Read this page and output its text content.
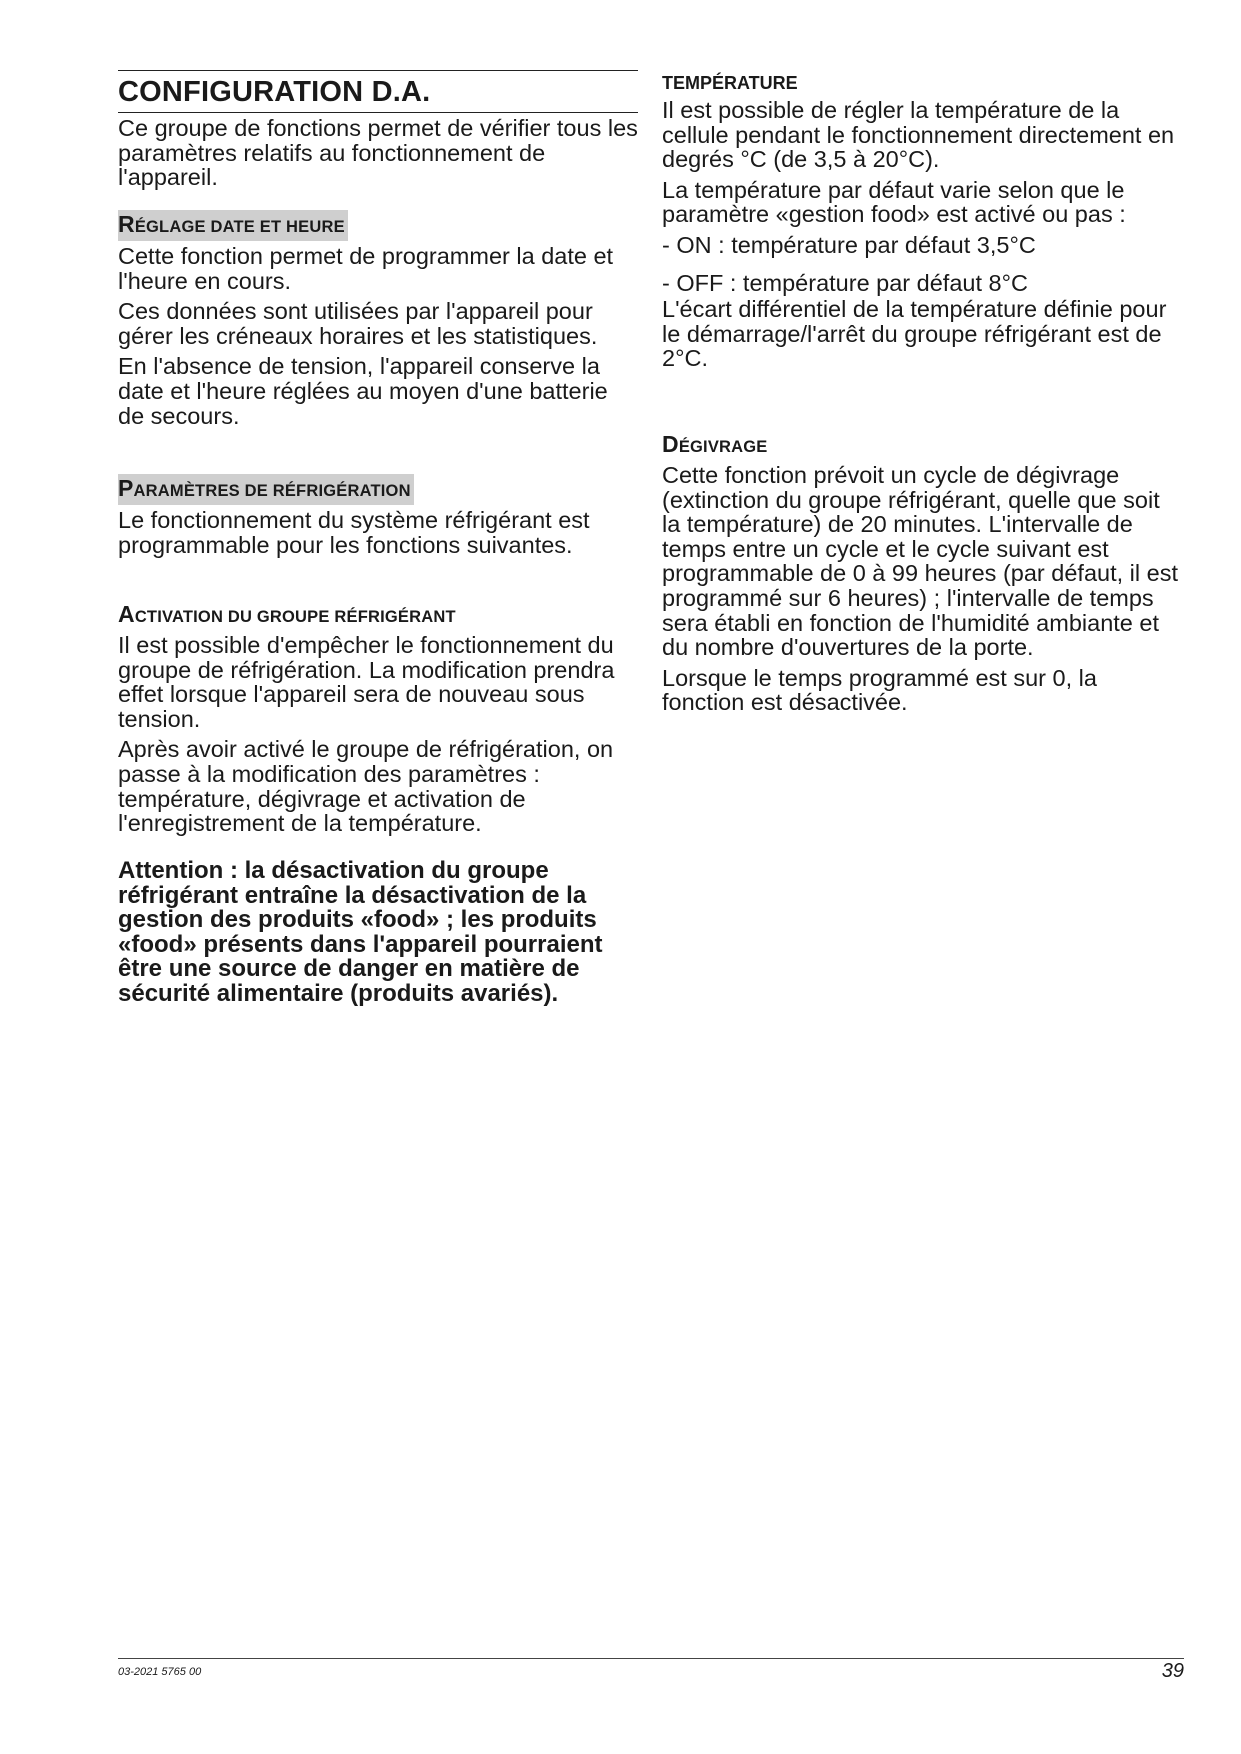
CONFIGURATION D.A.

Ce groupe de fonctions permet de vérifier tous les paramètres relatifs au fonctionnement de l'appareil.

RÉGLAGE DATE ET HEURE

Cette fonction permet de programmer la date et l'heure en cours.

Ces données sont utilisées par l'appareil pour gérer les créneaux horaires et les statistiques.

En l'absence de tension, l'appareil conserve la date et l'heure réglées au moyen d'une batterie de secours.

PARAMÈTRES DE RÉFRIGÉRATION

Le fonctionnement du système réfrigérant est programmable pour les fonctions suivantes.

ACTIVATION DU GROUPE RÉFRIGÉRANT

Il est possible d'empêcher le fonctionnement du groupe de réfrigération. La modification prendra effet lorsque l'appareil sera de nouveau sous tension.

Après avoir activé le groupe de réfrigération, on passe à la modification des paramètres : température, dégivrage et activation de l'enregistrement de la température.

Attention : la désactivation du groupe réfrigérant entraîne la désactivation de la gestion des produits «food» ; les produits «food» présents dans l'appareil pourraient être une source de danger en matière de sécurité alimentaire (produits avariés).

TEMPÉRATURE

Il est possible de régler la température de la cellule pendant le fonctionnement directement en degrés °C (de 3,5 à 20°C).

La température par défaut varie selon que le paramètre «gestion food» est activé ou pas :

- ON : température par défaut 3,5°C
- OFF : température par défaut 8°C

L'écart différentiel de la température définie pour le démarrage/l'arrêt du groupe réfrigérant est de 2°C.

DÉGIVRAGE

Cette fonction prévoit un cycle de dégivrage (extinction du groupe réfrigérant, quelle que soit la température) de 20 minutes. L'intervalle de temps entre un cycle et le cycle suivant est programmable de 0 à 99 heures (par défaut, il est programmé sur 6 heures) ; l'intervalle de temps sera établi en fonction de l'humidité ambiante et du nombre d'ouvertures de la porte.

Lorsque le temps programmé est sur 0, la fonction est désactivée.

03-2021 5765 00	39
